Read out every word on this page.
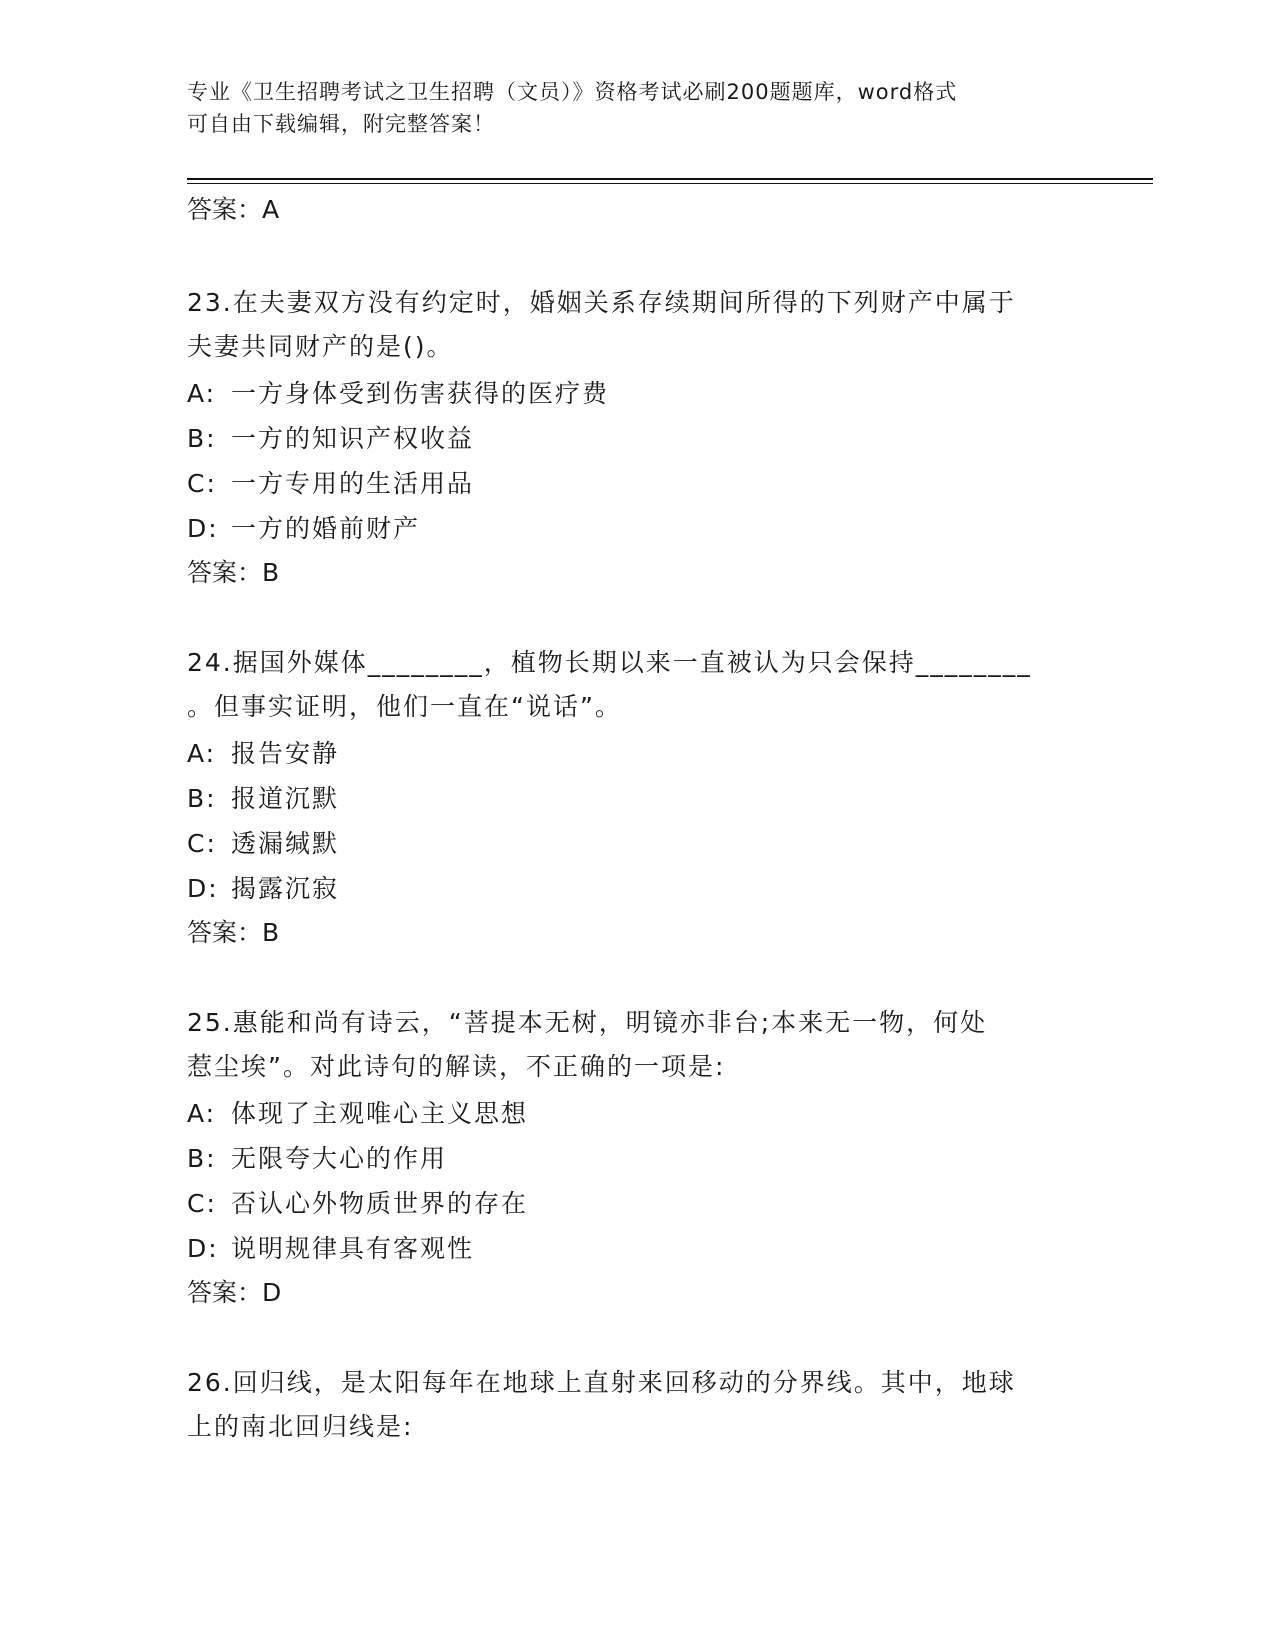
专业《卫生招聘考试之卫生招聘（文员）》资格考试必刷200题题库，word格式
可自由下载编辑，附完整答案！

答案：A

23.在夫妻双方没有约定时，婚姻关系存续期间所得的下列财产中属于
夫妻共同财产的是()。

A: 一方身体受到伤害获得的医疗费
B: 一方的知识产权收益
C: 一方专用的生活用品
D: 一方的婚前财产

答案：B

24.据国外媒体________，植物长期以来一直被认为只会保持________
。但事实证明，他们一直在“说话”。

A: 报告安静
B: 报道沉默
C: 透漏缄默
D: 揭露沉寂

答案：B

25.惠能和尚有诗云，“菩提本无树，明镜亦非台;本来无一物，何处
惹尘埃”。对此诗句的解读，不正确的一项是:

A: 体现了主观唯心主义思想
B: 无限夸大心的作用
C: 否认心外物质世界的存在
D: 说明规律具有客观性

答案：D

26.回归线，是太阳每年在地球上直射来回移动的分界线。其中，地球
上的南北回归线是:
